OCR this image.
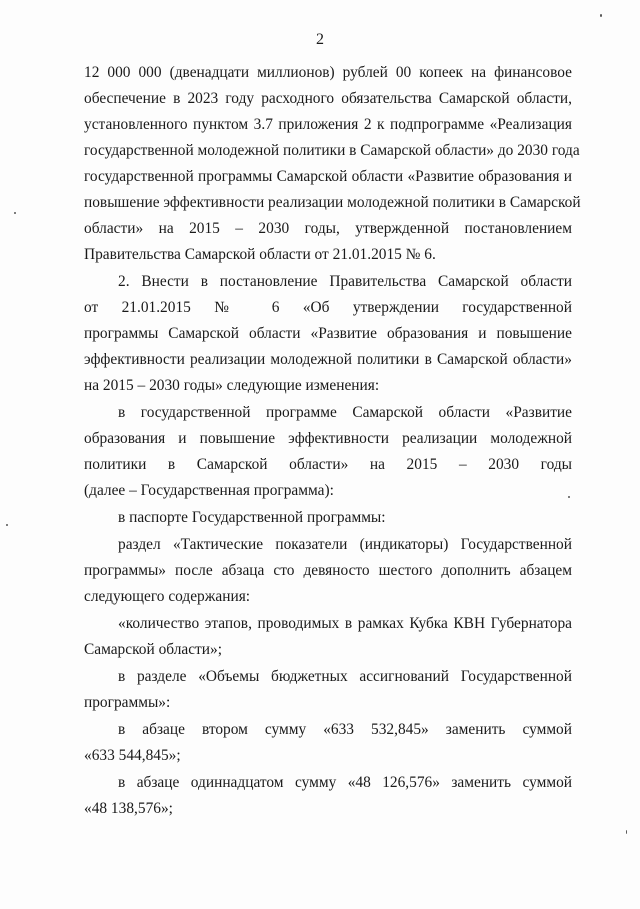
2
12 000 000 (двенадцати миллионов) рублей 00 копеек на финансовое
обеспечение в 2023 году расходного обязательства Самарской области,
установленного пунктом 3.7 приложения 2 к подпрограмме «Реализация
государственной молодежной политики в Самарской области» до 2030 года
государственной программы Самарской области «Развитие образования и
повышение эффективности реализации молодежной политики в Самарской
области» на 2015 – 2030 годы, утвержденной постановлением
Правительства Самарской области от 21.01.2015 № 6.
2. Внести в постановление Правительства Самарской области
от 21.01.2015 № 6 «Об утверждении государственной
программы Самарской области «Развитие образования и повышение
эффективности реализации молодежной политики в Самарской области»
на 2015 – 2030 годы» следующие изменения:
в государственной программе Самарской области «Развитие
образования и повышение эффективности реализации молодежной
политики в Самарской области» на 2015 – 2030 годы
(далее – Государственная программа):
в паспорте Государственной программы:
раздел «Тактические показатели (индикаторы) Государственной
программы» после абзаца сто девяносто шестого дополнить абзацем
следующего содержания:
«количество этапов, проводимых в рамках Кубка КВН Губернатора
Самарской области»;
в разделе «Объемы бюджетных ассигнований Государственной
программы»:
в абзаце втором сумму «633 532,845» заменить суммой
«633 544,845»;
в абзаце одиннадцатом сумму «48 126,576» заменить суммой
«48 138,576»;
